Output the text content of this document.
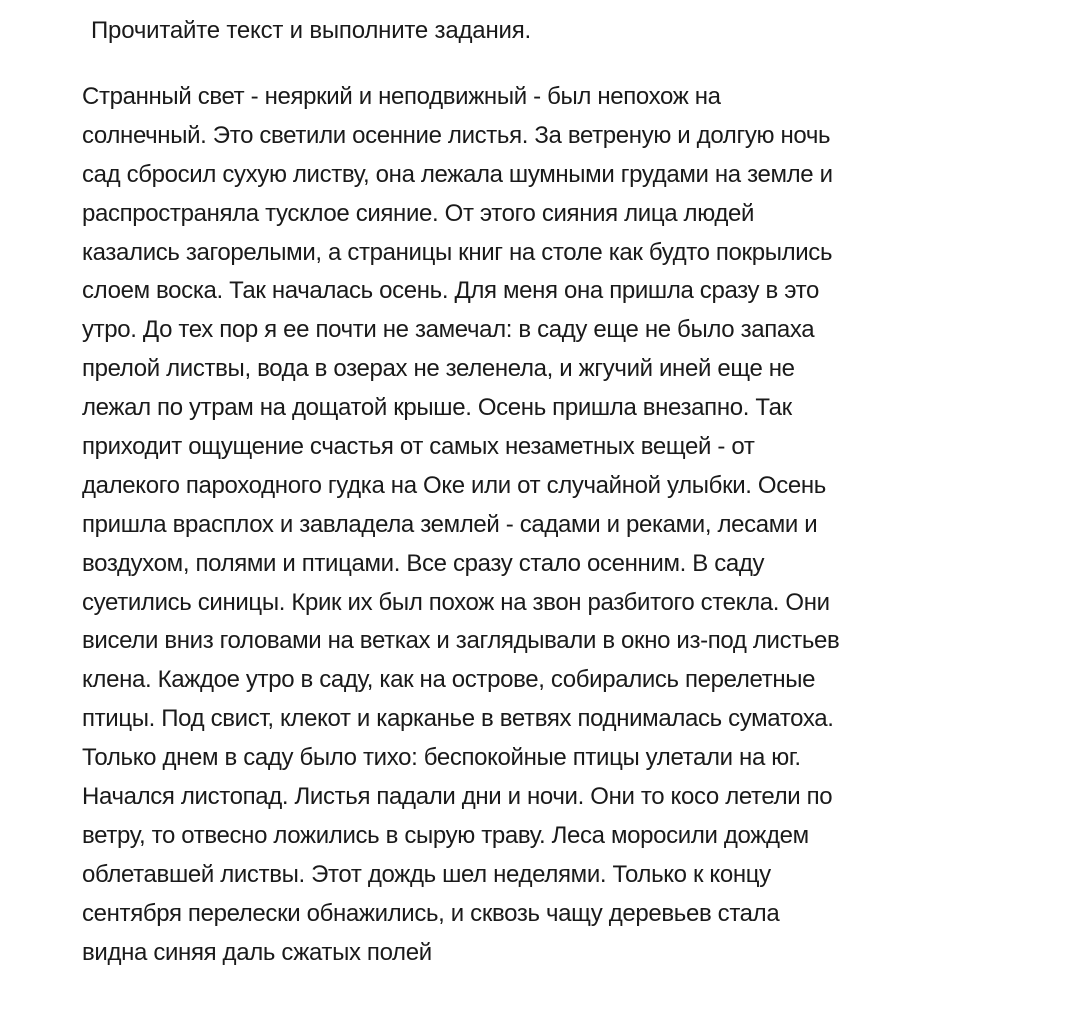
Прочитайте текст и выполните задания.
Странный свет - неяркий и неподвижный - был непохож на
солнечный. Это светили осенние листья. За ветреную и долгую ночь
сад сбросил сухую листву, она лежала шумными грудами на земле и
распространяла тусклое сияние. От этого сияния лица людей
казались загорелыми, а страницы книг на столе как будто покрылись
слоем воска. Так началась осень. Для меня она пришла сразу в это
утро. До тех пор я ее почти не замечал: в саду еще не было запаха
прелой листвы, вода в озерах не зеленела, и жгучий иней еще не
лежал по утрам на дощатой крыше. Осень пришла внезапно. Так
приходит ощущение счастья от самых незаметных вещей - от
далекого пароходного гудка на Оке или от случайной улыбки. Осень
пришла врасплох и завладела землей - садами и реками, лесами и
воздухом, полями и птицами. Все сразу стало осенним. В саду
суетились синицы. Крик их был похож на звон разбитого стекла. Они
висели вниз головами на ветках и заглядывали в окно из-под листьев
клена. Каждое утро в саду, как на острове, собирались перелетные
птицы. Под свист, клекот и карканье в ветвях поднималась суматоха.
Только днем в саду было тихо: беспокойные птицы улетали на юг.
Начался листопад. Листья падали дни и ночи. Они то косо летели по
ветру, то отвесно ложились в сырую траву. Леса моросили дождем
облетавшей листвы. Этот дождь шел неделями. Только к концу
сентября перелески обнажились, и сквозь чащу деревьев стала
видна синяя даль сжатых полей
